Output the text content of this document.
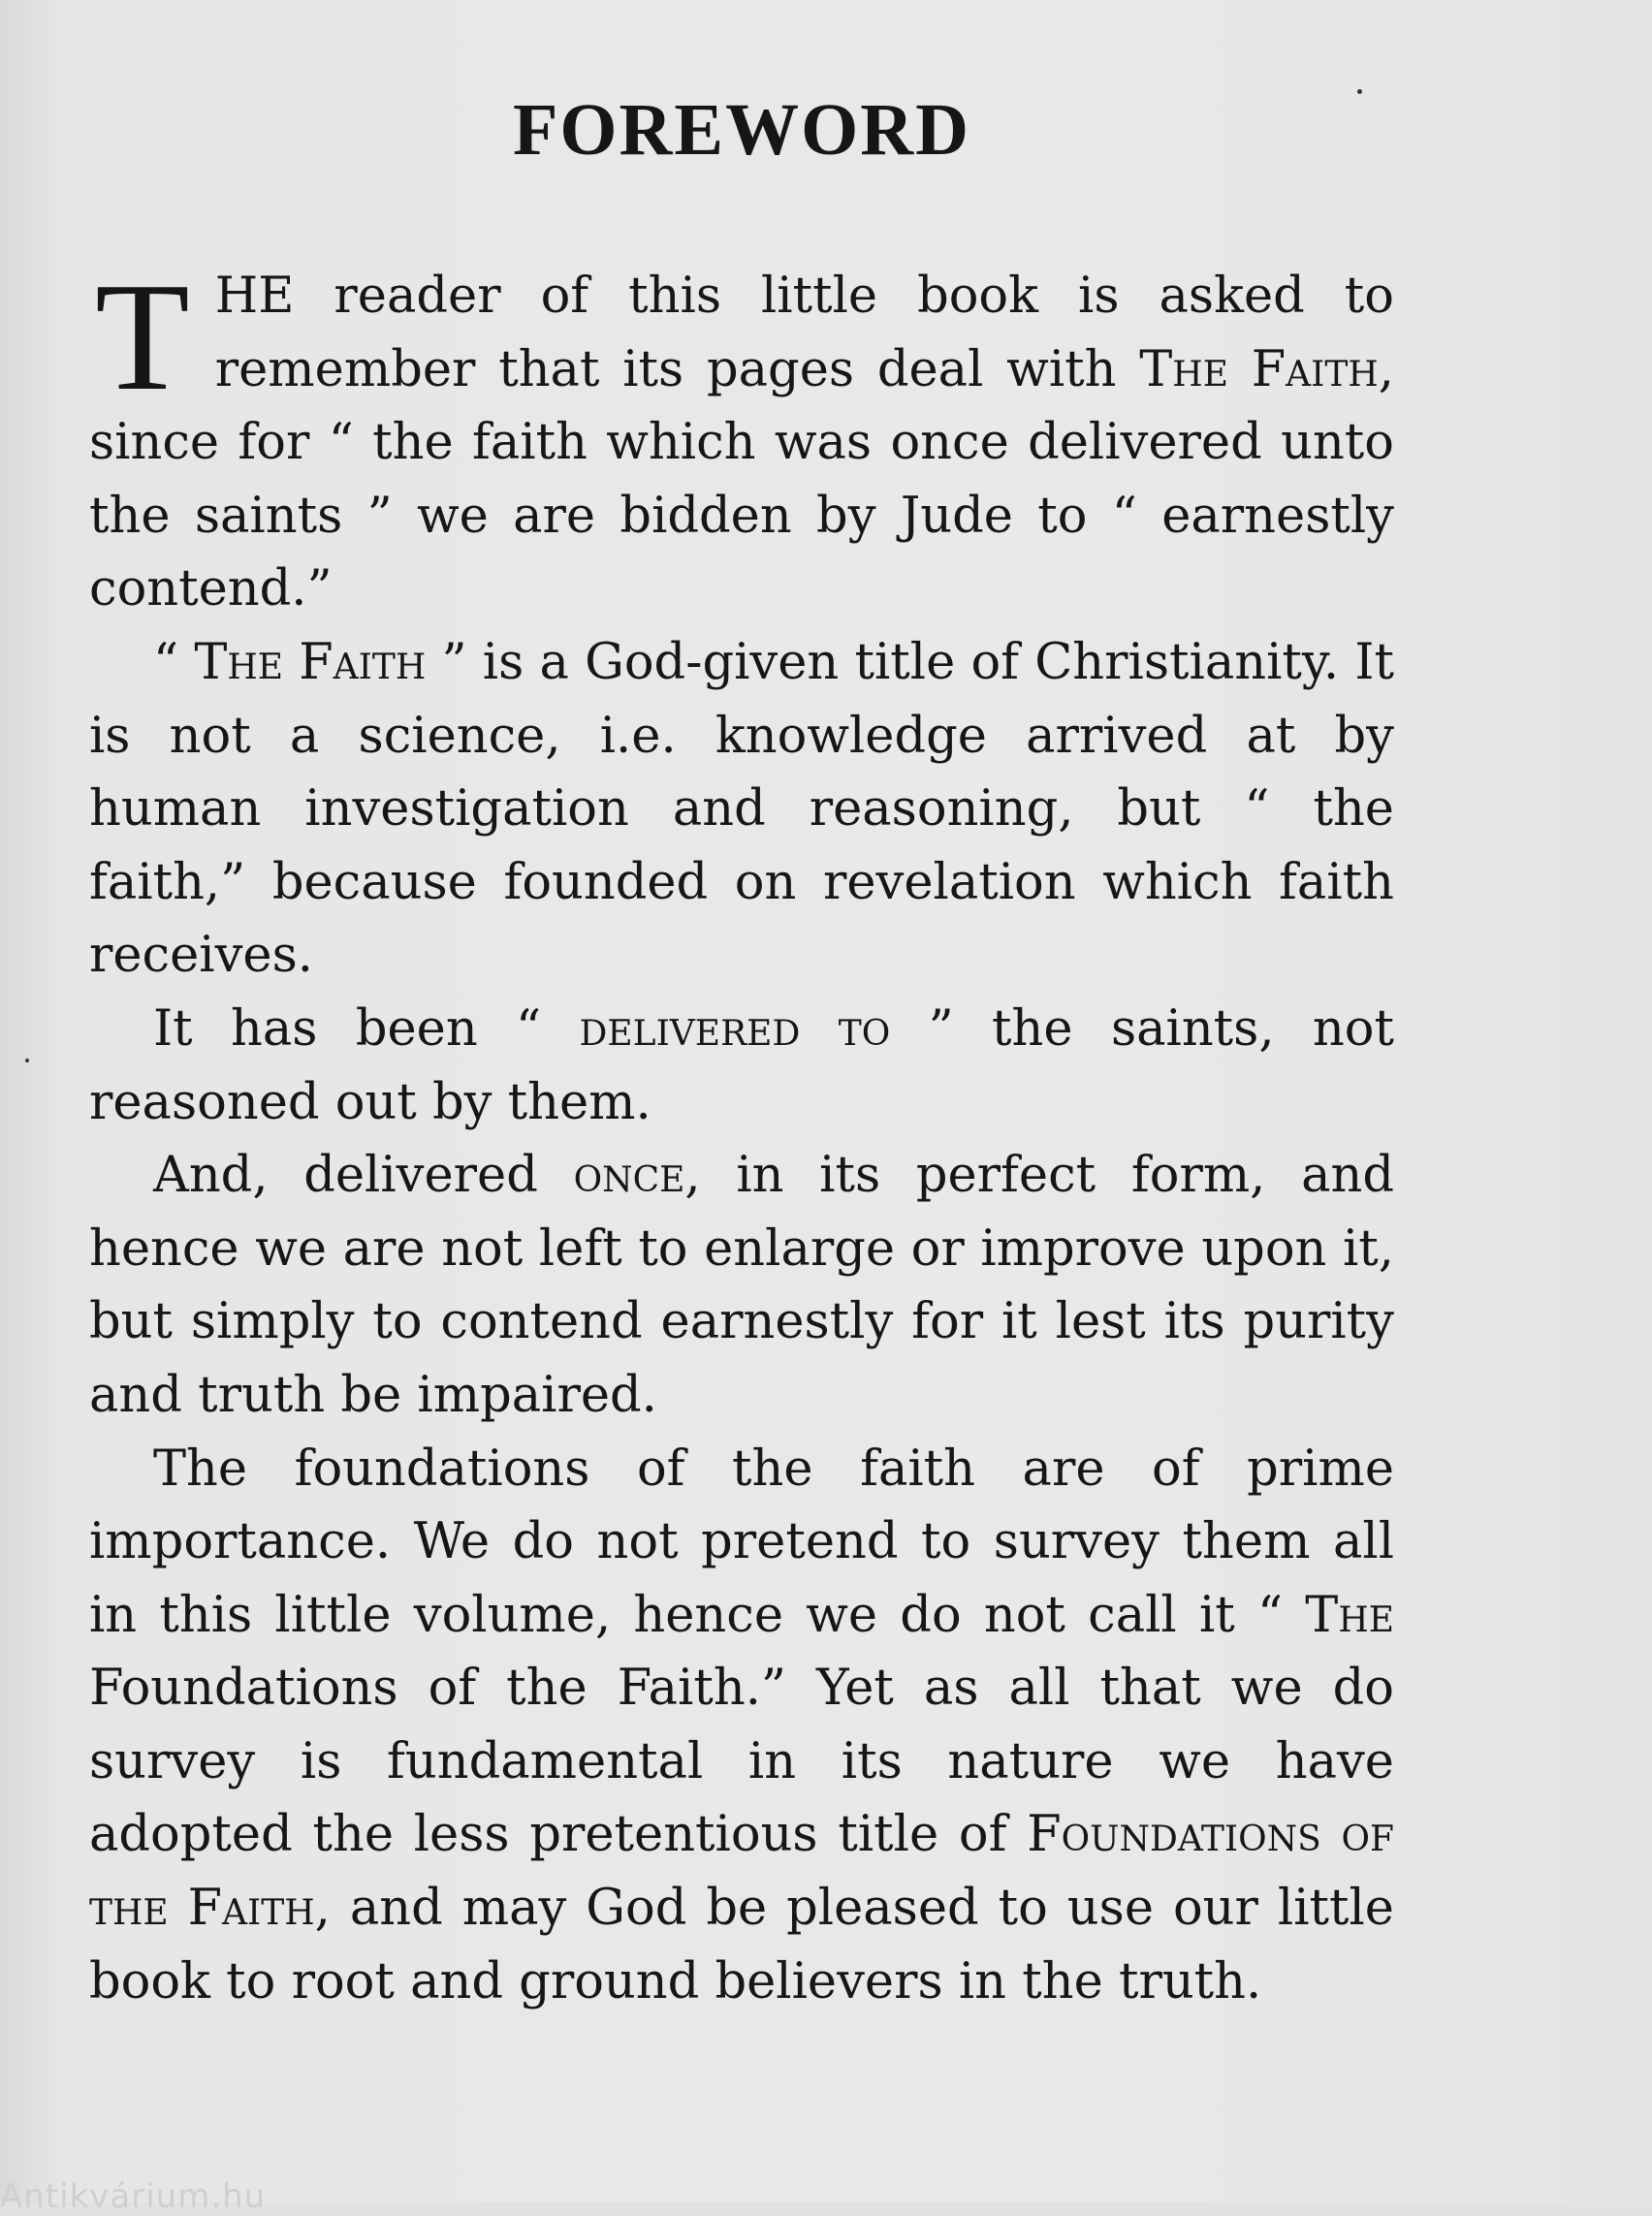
FOREWORD

THE reader of this little book is asked to remember that its pages deal with The Faith, since for “ the faith which was once delivered unto the saints ” we are bidden by Jude to “ earnestly contend.”

“ The Faith ” is a God-given title of Christianity. It is not a science, i.e. knowledge arrived at by human investigation and reasoning, but “ the faith,” because founded on revelation which faith receives.

It has been “ delivered to ” the saints, not reasoned out by them.

And, delivered once, in its perfect form, and hence we are not left to enlarge or improve upon it, but simply to contend earnestly for it lest its purity and truth be impaired.

The foundations of the faith are of prime importance. We do not pretend to survey them all in this little volume, hence we do not call it “ The Foundations of the Faith.” Yet as all that we do survey is fundamental in its nature we have adopted the less pretentious title of Foundations of the Faith, and may God be pleased to use our little book to root and ground believers in the truth.

Antikvárium.hu
